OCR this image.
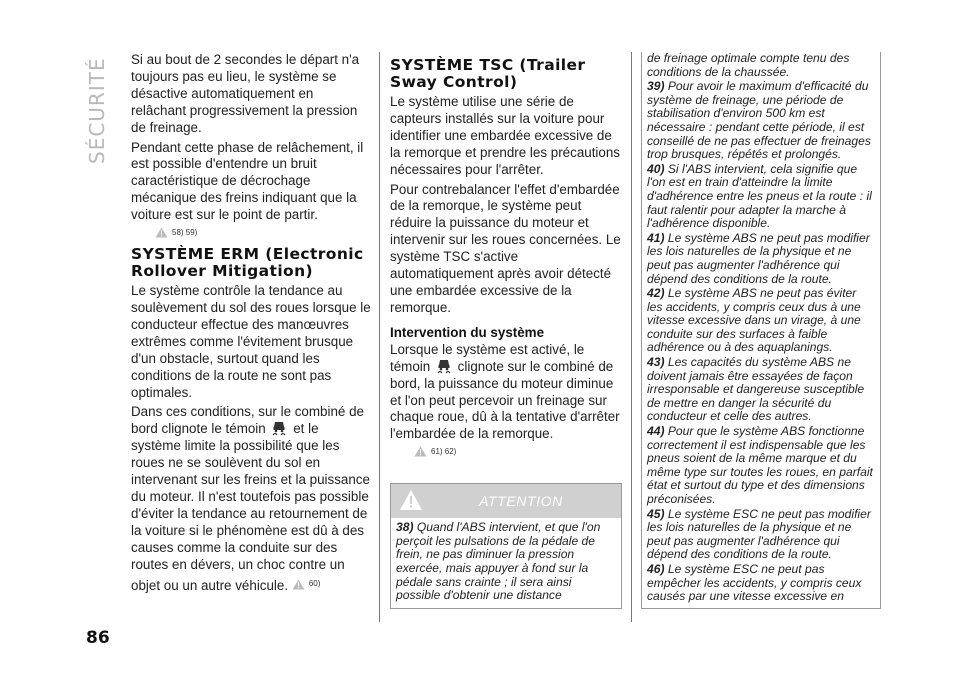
SÉCURITÉ
86

Si au bout de 2 secondes le départ n'a toujours pas eu lieu, le système se désactive automatiquement en relâchant progressivement la pression de freinage.

Pendant cette phase de relâchement, il est possible d'entendre un bruit caractéristique de décrochage mécanique des freins indiquant que la voiture est sur le point de partir.

58) 59)
SYSTÈME ERM (Electronic Rollover Mitigation)

Le système contrôle la tendance au soulèvement du sol des roues lorsque le conducteur effectue des manœuvres extrêmes comme l'évitement brusque d'un obstacle, surtout quand les conditions de la route ne sont pas optimales.

Dans ces conditions, sur le combiné de bord clignote le témoin et le système limite la possibilité que les roues ne se soulèvent du sol en intervenant sur les freins et la puissance du moteur. Il n'est toutefois pas possible d'éviter la tendance au retournement de la voiture si le phénomène est dû à des causes comme la conduite sur des routes en dévers, un choc contre un objet ou un autre véhicule.	60)

SYSTÈME TSC (Trailer Sway Control)

Le système utilise une série de capteurs installés sur la voiture pour identifier une embardée excessive de la remorque et prendre les précautions nécessaires pour l'arrêter.

Pour contrebalancer l'effet d'embardée de la remorque, le système peut réduire la puissance du moteur et intervenir sur les roues concernées. Le système TSC s'active automatiquement après avoir détecté une embardée excessive de la remorque.

Intervention du système

Lorsque le système est activé, le témoin clignote sur le combiné de bord, la puissance du moteur diminue et l'on peut percevoir un freinage sur chaque roue, dû à la tentative d'arrêter l'embardée de la remorque.

61) 62)
ATTENTION

38) Quand l'ABS intervient, et que l'on perçoit les pulsations de la pédale de frein, ne pas diminuer la pression exercée, mais appuyer à fond sur la pédale sans crainte ; il sera ainsi possible d'obtenir une distance

de freinage optimale compte tenu des conditions de la chaussée.

39) Pour avoir le maximum d'efficacité du système de freinage, une période de stabilisation d'environ 500 km est nécessaire : pendant cette période, il est conseillé de ne pas effectuer de freinages trop brusques, répétés et prolongés.

40) Si l'ABS intervient, cela signifie que l'on est en train d'atteindre la limite d'adhérence entre les pneus et la route : il faut ralentir pour adapter la marche à l'adhérence disponible.

41) Le système ABS ne peut pas modifier les lois naturelles de la physique et ne peut pas augmenter l'adhérence qui dépend des conditions de la route.

42) Le système ABS ne peut pas éviter les accidents, y compris ceux dus à une vitesse excessive dans un virage, à une conduite sur des surfaces à faible adhérence ou à des aquaplanings.

43) Les capacités du système ABS ne doivent jamais être essayées de façon irresponsable et dangereuse susceptible de mettre en danger la sécurité du conducteur et celle des autres.

44) Pour que le système ABS fonctionne correctement il est indispensable que les pneus soient de la même marque et du même type sur toutes les roues, en parfait état et surtout du type et des dimensions préconisées.

45) Le système ESC ne peut pas modifier les lois naturelles de la physique et ne peut pas augmenter l'adhérence qui dépend des conditions de la route.

46) Le système ESC ne peut pas empêcher les accidents, y compris ceux causés par une vitesse excessive en
